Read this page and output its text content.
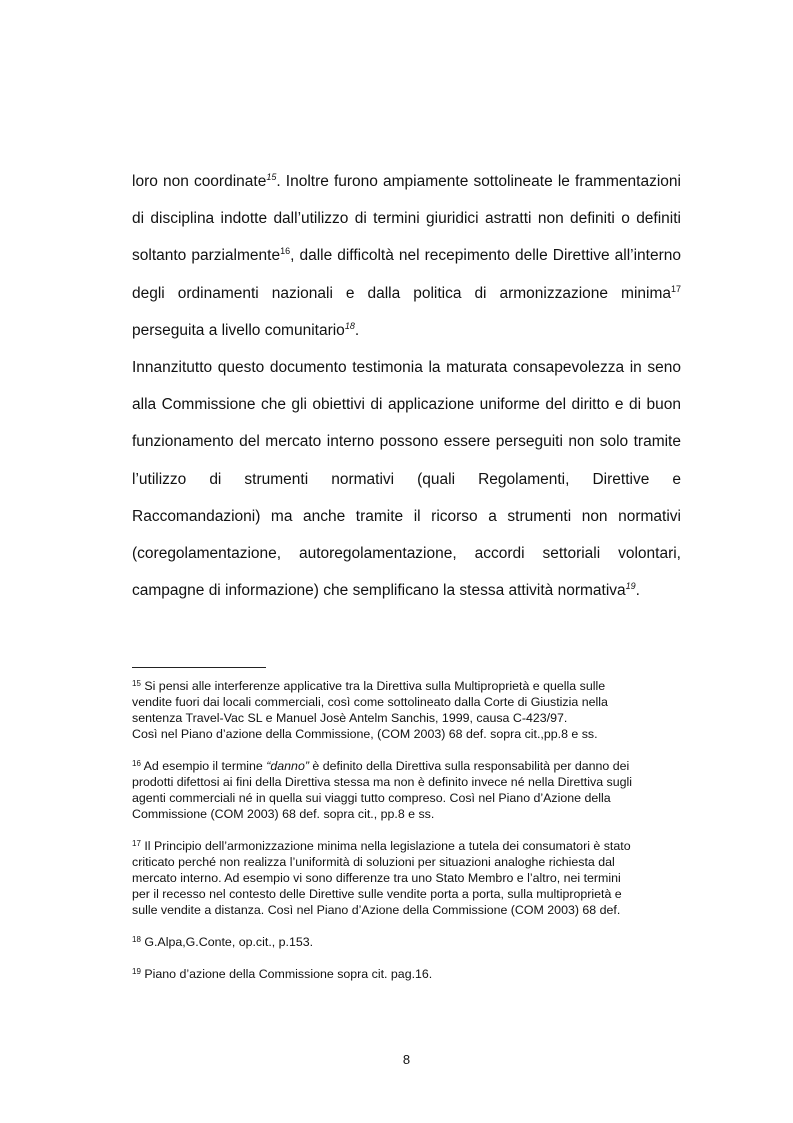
loro non coordinate$^{15}$. Inoltre furono ampiamente sottolineate le frammentazioni di disciplina indotte dall’utilizzo di termini giuridici astratti non definiti o definiti soltanto parzialmente$^{16}$, dalle difficoltà nel recepimento delle Direttive all’interno degli ordinamenti nazionali e dalla politica di armonizzazione minima$^{17}$ perseguita a livello comunitario$^{18}$.

Innanzitutto questo documento testimonia la maturata consapevolezza in seno alla Commissione che gli obiettivi di applicazione uniforme del diritto e di buon funzionamento del mercato interno possono essere perseguiti non solo tramite l’utilizzo di strumenti normativi (quali Regolamenti, Direttive e Raccomandazioni) ma anche tramite il ricorso a strumenti non normativi (coregolamentazione, autoregolamentazione, accordi settoriali volontari, campagne di informazione) che semplificano la stessa attività normativa$^{19}$.

$^{15}$ Si pensi alle interferenze applicative tra la Direttiva sulla Multiproprietà e quella sulle
vendite fuori dai locali commerciali, così come sottolineato dalla Corte di Giustizia nella
sentenza Travel-Vac SL e Manuel Josè Antelm Sanchis, 1999, causa C-423/97.
Così nel Piano d’azione della Commissione, (COM 2003) 68 def. sopra cit.,pp.8 e ss.
$^{16}$ Ad esempio il termine “danno” è definito della Direttiva sulla responsabilità per danno dei
prodotti difettosi ai fini della Direttiva stessa ma non è definito invece né nella Direttiva sugli
agenti commerciali né in quella sui viaggi tutto compreso. Così nel Piano d’Azione della
Commissione (COM 2003) 68 def. sopra cit., pp.8 e ss.
$^{17}$ Il Principio dell’armonizzazione minima nella legislazione a tutela dei consumatori è stato
criticato perché non realizza l’uniformità di soluzioni per situazioni analoghe richiesta dal
mercato interno. Ad esempio vi sono differenze tra uno Stato Membro e l’altro, nei termini
per il recesso nel contesto delle Direttive sulle vendite porta a porta, sulla multiproprietà e
sulle vendite a distanza. Così nel Piano d’Azione della Commissione (COM 2003) 68 def.
$^{18}$ G.Alpa,G.Conte, op.cit., p.153.
$^{19}$ Piano d’azione della Commissione sopra cit. pag.16.
8
